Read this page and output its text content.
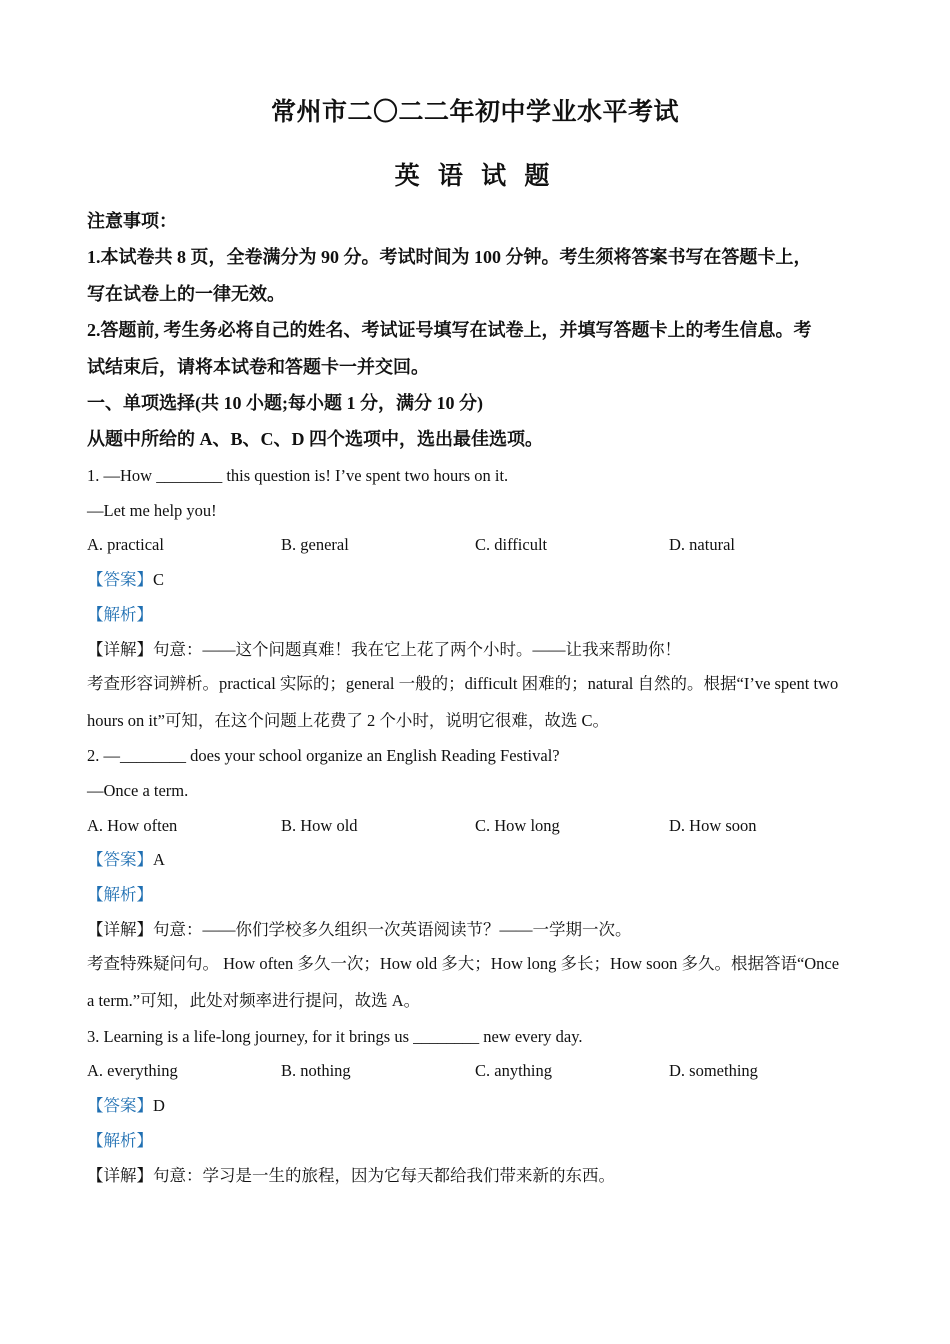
常州市二〇二二年初中学业水平考试
英 语 试 题
注意事项：
1.本试卷共 8 页，全卷满分为 90 分。考试时间为 100 分钟。考生须将答案书写在答题卡上，
写在试卷上的一律无效。
2.答题前, 考生务必将自己的姓名、考试证号填写在试卷上，并填写答题卡上的考生信息。考
试结束后，请将本试卷和答题卡一并交回。
一、单项选择(共 10 小题;每小题 1 分，满分 10 分)
从题中所给的 A、B、C、D 四个选项中，选出最佳选项。
1. —How ________ this question is! I’ve spent two hours on it.
—Let me help you!
A. practical	B. general	C. difficult	D. natural
【答案】C
【解析】
【详解】句意：——这个问题真难！我在它上花了两个小时。——让我来帮助你！
考查形容词辨析。practical 实际的；general 一般的；difficult 困难的；natural 自然的。根据“I’ve spent two
hours on it”可知，在这个问题上花费了 2 个小时，说明它很难，故选 C。
2. —________ does your school organize an English Reading Festival?
—Once a term.
A. How often	B. How old	C. How long	D. How soon
【答案】A
【解析】
【详解】句意：——你们学校多久组织一次英语阅读节？——一学期一次。
考查特殊疑问句。 How often 多久一次；How old 多大；How long 多长；How soon 多久。根据答语“Once
a term.”可知，此处对频率进行提问，故选 A。
3. Learning is a life-long journey, for it brings us ________ new every day.
A. everything	B. nothing	C. anything	D. something
【答案】D
【解析】
【详解】句意：学习是一生的旅程，因为它每天都给我们带来新的东西。
